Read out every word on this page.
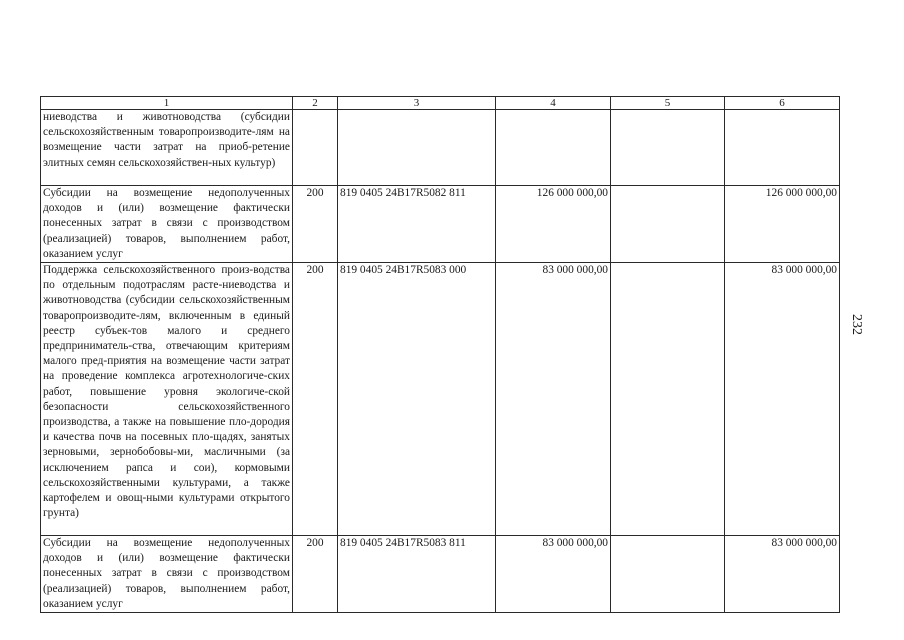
1	2	3	4	5	6
ниеводства и животноводства (субсидии сельскохозяйственным товаропроизводите-лям на возмещение части затрат на приоб-ретение элитных семян сельскохозяйствен-ных культур)					
Субсидии на возмещение недополученных доходов и (или) возмещение фактически понесенных затрат в связи с производством (реализацией) товаров, выполнением работ, оказанием услуг	200	819 0405 24В17R5082 811	126 000 000,00		126 000 000,00
Поддержка сельскохозяйственного произ-водства по отдельным подотраслям расте-ниеводства и животноводства (субсидии сельскохозяйственным товаропроизводите-лям, включенным в единый реестр субъек-тов малого и среднего предприниматель-ства, отвечающим критериям малого пред-приятия на возмещение части затрат на проведение комплекса агротехнологиче-ских работ, повышение уровня экологиче-ской безопасности сельскохозяйственного производства, а также на повышение пло-дородия и качества почв на посевных пло-щадях, занятых зерновыми, зернобобовы-ми, масличными (за исключением рапса и сои), кормовыми сельскохозяйственными культурами, а также картофелем и овощ-ными культурами открытого грунта)	200	819 0405 24В17R5083 000	83 000 000,00		83 000 000,00
Субсидии на возмещение недополученных доходов и (или) возмещение фактически понесенных затрат в связи с производством (реализацией) товаров, выполнением работ, оказанием услуг	200	819 0405 24В17R5083 811	83 000 000,00		83 000 000,00
232
